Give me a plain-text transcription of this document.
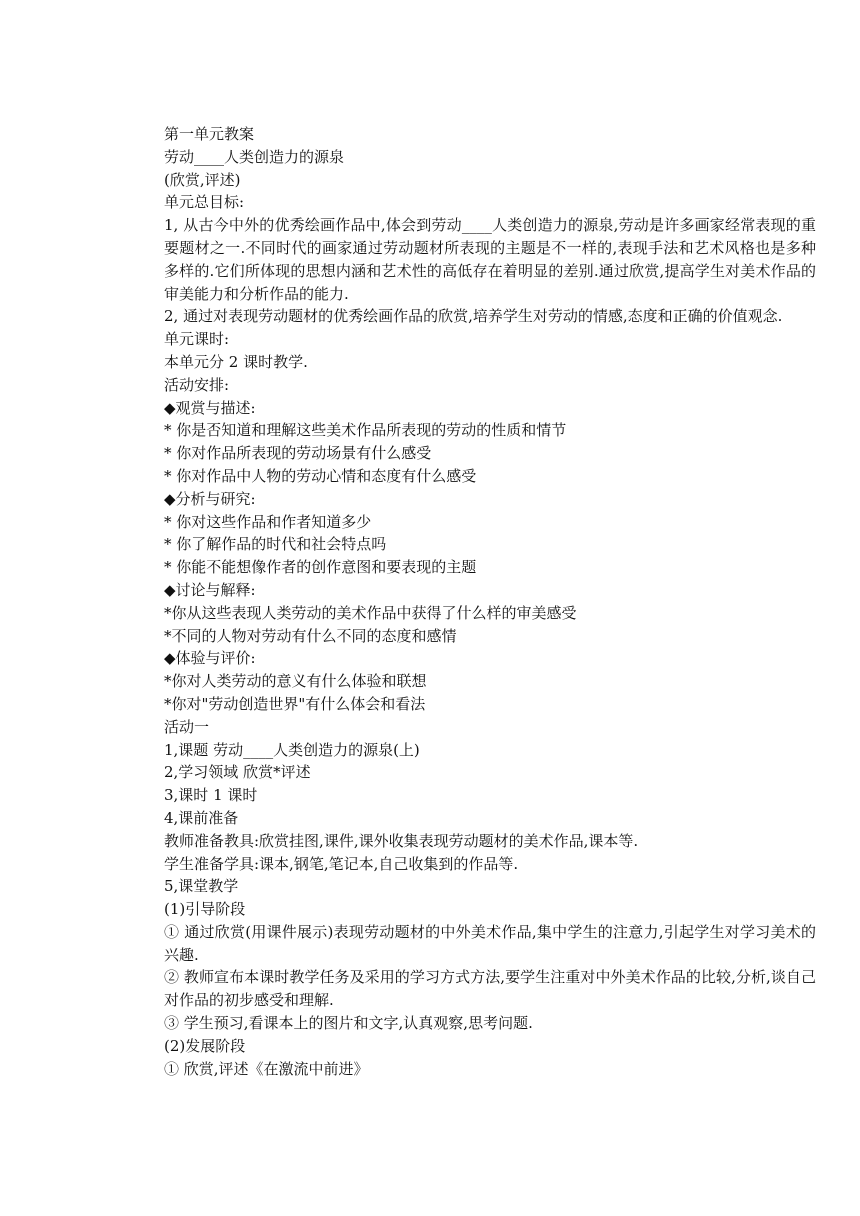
第一单元教案
劳动____人类创造力的源泉
(欣赏,评述)
单元总目标:
1, 从古今中外的优秀绘画作品中,体会到劳动____人类创造力的源泉,劳动是许多画家经常表现的重要题材之一.不同时代的画家通过劳动题材所表现的主题是不一样的,表现手法和艺术风格也是多种多样的.它们所体现的思想内涵和艺术性的高低存在着明显的差别.通过欣赏,提高学生对美术作品的审美能力和分析作品的能力.
2, 通过对表现劳动题材的优秀绘画作品的欣赏,培养学生对劳动的情感,态度和正确的价值观念.
单元课时:
本单元分 2 课时教学.
活动安排:
◆观赏与描述:
* 你是否知道和理解这些美术作品所表现的劳动的性质和情节
* 你对作品所表现的劳动场景有什么感受
* 你对作品中人物的劳动心情和态度有什么感受
◆分析与研究:
* 你对这些作品和作者知道多少
* 你了解作品的时代和社会特点吗
* 你能不能想像作者的创作意图和要表现的主题
◆讨论与解释:
*你从这些表现人类劳动的美术作品中获得了什么样的审美感受
*不同的人物对劳动有什么不同的态度和感情
◆体验与评价:
*你对人类劳动的意义有什么体验和联想
*你对"劳动创造世界"有什么体会和看法
活动一
1,课题 劳动____人类创造力的源泉(上)
2,学习领域 欣赏*评述
3,课时 1 课时
4,课前准备
教师准备教具:欣赏挂图,课件,课外收集表现劳动题材的美术作品,课本等.
学生准备学具:课本,钢笔,笔记本,自己收集到的作品等.
5,课堂教学
(1)引导阶段
① 通过欣赏(用课件展示)表现劳动题材的中外美术作品,集中学生的注意力,引起学生对学习美术的兴趣.
② 教师宣布本课时教学任务及采用的学习方式方法,要学生注重对中外美术作品的比较,分析,谈自己对作品的初步感受和理解.
③ 学生预习,看课本上的图片和文字,认真观察,思考问题.
(2)发展阶段
① 欣赏,评述《在激流中前进》
